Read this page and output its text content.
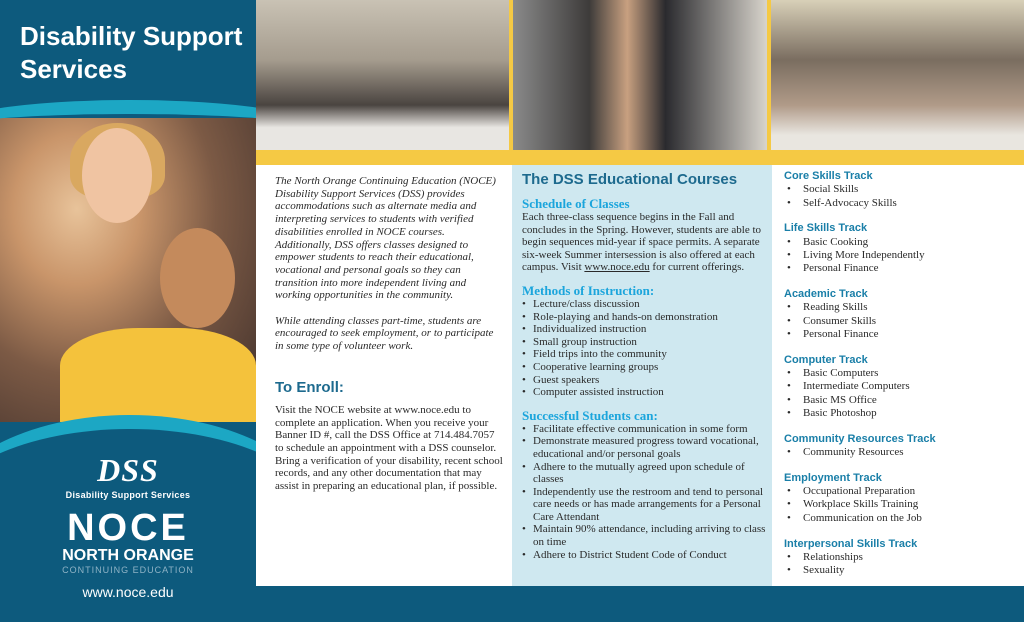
Disability Support Services
DSS
Disability Support Services
NOCE
NORTH ORANGE
CONTINUING EDUCATION
www.noce.edu

The North Orange Continuing Education (NOCE) Disability Support Services (DSS) provides accommodations such as alternate media and interpreting services to students with verified disabilities enrolled in NOCE courses. Additionally, DSS offers classes designed to empower students to reach their educational, vocational and personal goals so they can transition into more independent living and working opportunities in the community.

While attending classes part-time, students are encouraged to seek employment, or to participate in some type of volunteer work.

To Enroll:

Visit the NOCE website at www.noce.edu to complete an application. When you receive your Banner ID #, call the DSS Office at 714.484.7057 to schedule an appointment with a DSS counselor. Bring a verification of your disability, recent school records, and any other documentation that may assist in preparing an educational plan, if possible.

The DSS Educational Courses
Schedule of Classes

Each three-class sequence begins in the Fall and concludes in the Spring. However, students are able to begin sequences mid-year if space permits. A separate six-week Summer intersession is also offered at each campus. Visit www.noce.edu for current offerings.

Methods of Instruction:
• Lecture/class discussion
• Role-playing and hands-on demonstration
• Individualized instruction
• Small group instruction
• Field trips into the community
• Cooperative learning groups
• Guest speakers
• Computer assisted instruction
Successful Students can:
• Facilitate effective communication in some form
• Demonstrate measured progress toward vocational, educational and/or personal goals
• Adhere to the mutually agreed upon schedule of classes
• Independently use the restroom and tend to personal care needs or has made arrangements for a Personal Care Attendant
• Maintain 90% attendance, including arriving to class on time
• Adhere to District Student Code of Conduct
Core Skills Track
• Social Skills
• Self-Advocacy Skills
Life Skills Track
• Basic Cooking
• Living More Independently
• Personal Finance
Academic Track
• Reading Skills
• Consumer Skills
• Personal Finance
Computer Track
• Basic Computers
• Intermediate Computers
• Basic MS Office
• Basic Photoshop
Community Resources Track
• Community Resources
Employment Track
• Occupational Preparation
• Workplace Skills Training
• Communication on the Job
Interpersonal Skills Track
• Relationships
• Sexuality
